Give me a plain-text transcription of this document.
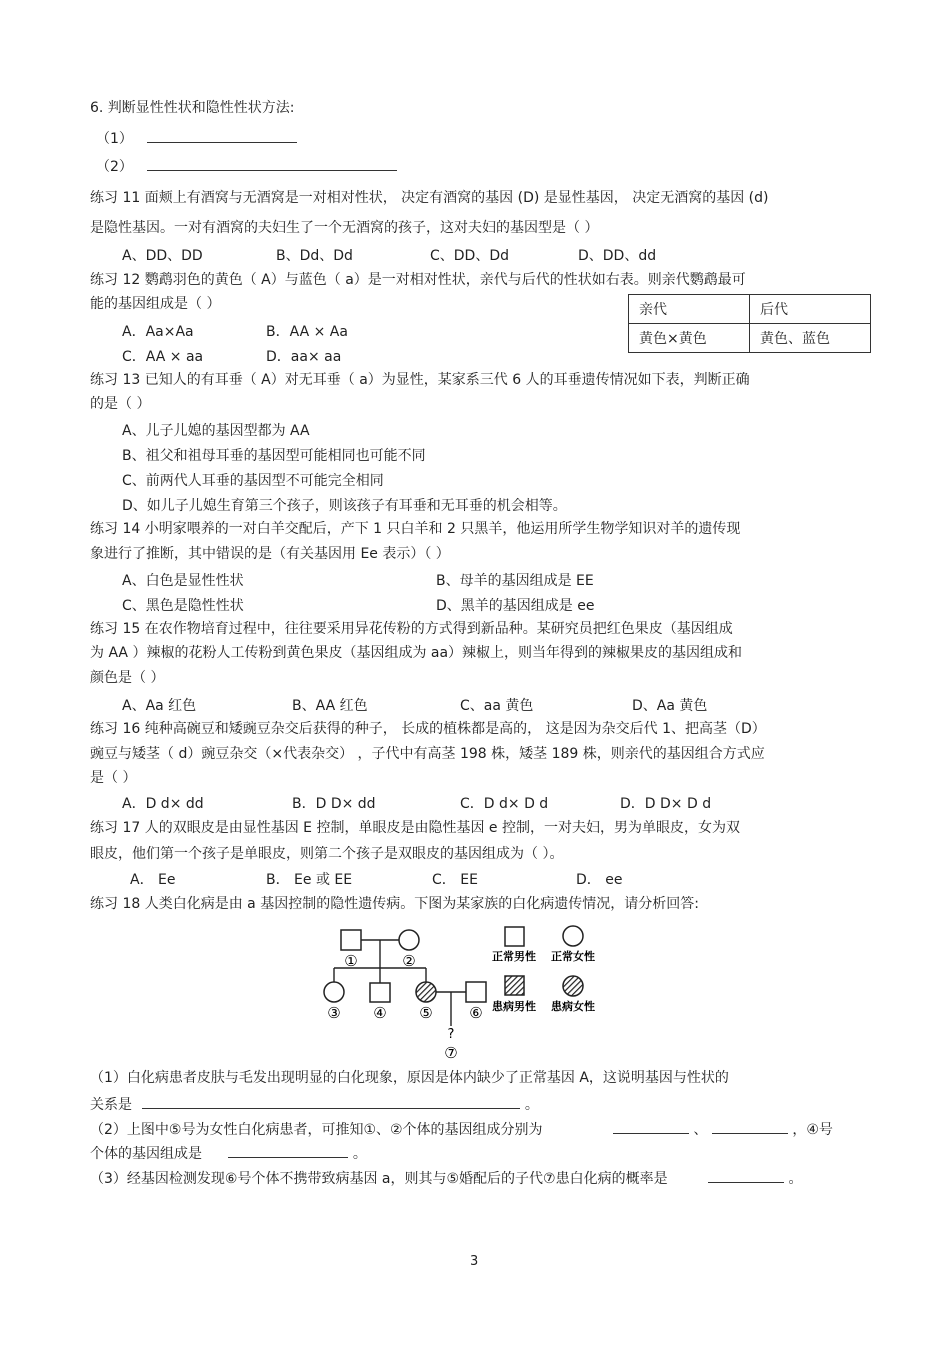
6. 判断显性性状和隐性性状方法:
（1）
（2）
练习 11 面颊上有酒窝与无酒窝是一对相对性状， 决定有酒窝的基因 (D) 是显性基因， 决定无酒窝的基因 (d)
是隐性基因。一对有酒窝的夫妇生了一个无酒窝的孩子，这对夫妇的基因型是（ ）
A、DD、DD	B、Dd、Dd	C、DD、Dd	D、DD、dd
练习 12 鹦鹉羽色的黄色（ A）与蓝色（ a）是一对相对性状，亲代与后代的性状如右表。则亲代鹦鹉最可
能的基因组成是（ ）
A．Aa×Aa	B．AA × Aa
C．AA × aa	D．aa× aa
亲代	后代
黄色×黄色	黄色、蓝色
练习 13 已知人的有耳垂（ A）对无耳垂（ a）为显性，某家系三代 6 人的耳垂遗传情况如下表，判断正确
的是（ ）
A、儿子儿媳的基因型都为 AA
B、祖父和祖母耳垂的基因型可能相同也可能不同
C、前两代人耳垂的基因型不可能完全相同
D、如儿子儿媳生育第三个孩子，则该孩子有耳垂和无耳垂的机会相等。
练习 14 小明家喂养的一对白羊交配后，产下 1 只白羊和 2 只黑羊，他运用所学生物学知识对羊的遗传现
象进行了推断，其中错误的是（有关基因用 Ee 表示）（ ）
A、白色是显性性状	B、母羊的基因组成是 EE
C、黑色是隐性性状	D、黑羊的基因组成是 ee
练习 15 在农作物培育过程中，往往要采用异花传粉的方式得到新品种。某研究员把红色果皮（基因组成
为 AA ）辣椒的花粉人工传粉到黄色果皮（基因组成为 aa）辣椒上，则当年得到的辣椒果皮的基因组成和
颜色是（ ）
A、Aa 红色	B、AA 红色	C、aa 黄色	D、Aa 黄色
练习 16 纯种高碗豆和矮豌豆杂交后获得的种子， 长成的植株都是高的， 这是因为杂交后代 1、把高茎（D）
豌豆与矮茎（ d）豌豆杂交（×代表杂交） ，子代中有高茎 198 株，矮茎 189 株，则亲代的基因组合方式应
是（ ）
A．D d× dd	B．D D× dd	C．D d× D d	D．D D× D d
练习 17 人的双眼皮是由显性基因 E 控制，单眼皮是由隐性基因 e 控制，一对夫妇，男为单眼皮，女为双
眼皮，他们第一个孩子是单眼皮，则第二个孩子是双眼皮的基因组成为（ ）。
A． Ee	B． Ee 或 EE	C． EE	D． ee
练习 18 人类白化病是由 a 基因控制的隐性遗传病。下图为某家族的白化病遗传情况，请分析回答:
①	②
③ ④ ⑤ ⑥
?
⑦
正常男性 正常女性
患病男性 患病女性
（1）白化病患者皮肤与毛发出现明显的白化现象，原因是体内缺少了正常基因 A，这说明基因与性状的
关系是	。
（2）上图中⑤号为女性白化病患者，可推知①、②个体的基因组成分别为	、	，④号
个体的基因组成是	。
（3）经基因检测发现⑥号个体不携带致病基因 a，则其与⑤婚配后的子代⑦患白化病的概率是	。
3
